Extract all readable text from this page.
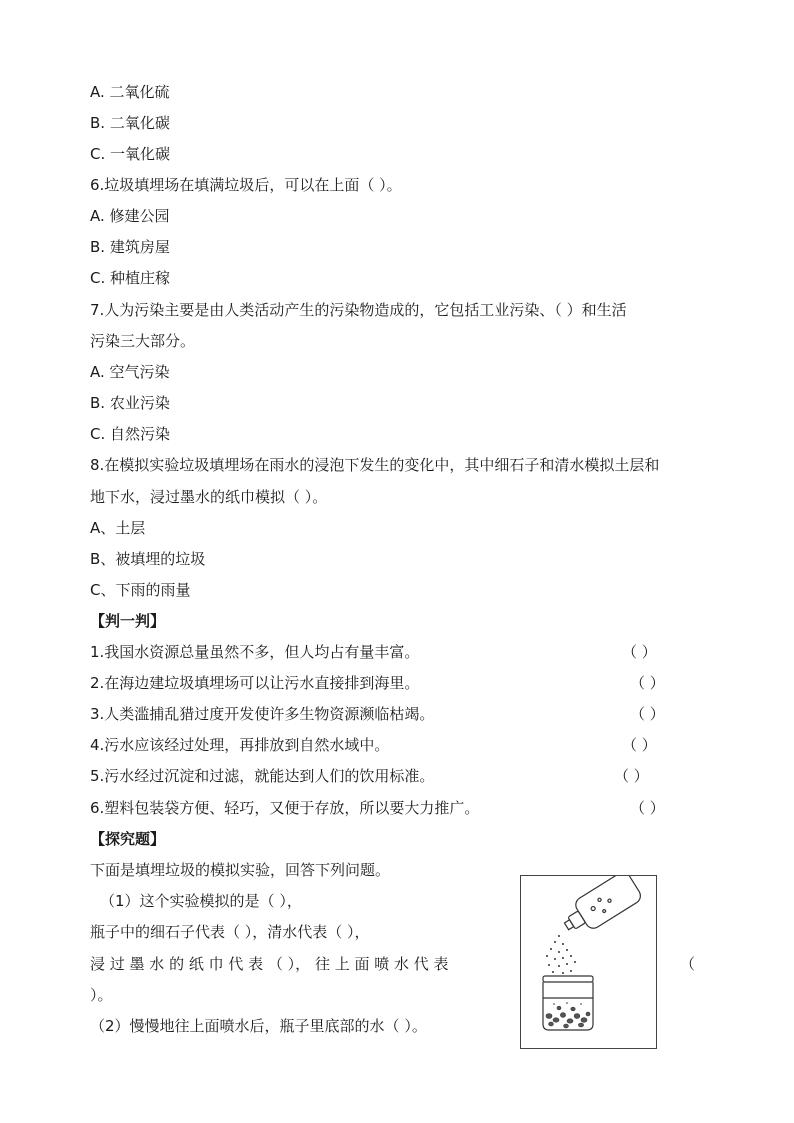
A. 二氧化硫
B. 二氧化碳
C. 一氧化碳
6.垃圾填埋场在填满垃圾后，可以在上面（ ）。
A. 修建公园
B. 建筑房屋
C. 种植庄稼
7.人为污染主要是由人类活动产生的污染物造成的，它包括工业污染、（ ）和生活
污染三大部分。
A. 空气污染
B. 农业污染
C. 自然污染
8.在模拟实验垃圾填埋场在雨水的浸泡下发生的变化中，其中细石子和清水模拟土层和
地下水，浸过墨水的纸巾模拟（ ）。
A、土层
B、被填埋的垃圾
C、下雨的雨量
【判一判】
1.我国水资源总量虽然不多，但人均占有量丰富。	（ ）
2.在海边建垃圾填埋场可以让污水直接排到海里。	（ ）
3.人类滥捕乱猎过度开发使许多生物资源濒临枯竭。	（ ）
4.污水应该经过处理，再排放到自然水域中。	（ ）
5.污水经过沉淀和过滤，就能达到人们的饮用标准。	（ ）
6.塑料包装袋方便、轻巧，又便于存放，所以要大力推广。	（ ）
【探究题】
下面是填埋垃圾的模拟实验，回答下列问题。
（1）这个实验模拟的是（ ），
瓶子中的细石子代表（ ），清水代表（ ），
浸 过 墨 水 的 纸 巾 代 表 （ ）， 往 上 面 喷 水 代 表	（
）。
（2）慢慢地往上面喷水后，瓶子里底部的水（ ）。
